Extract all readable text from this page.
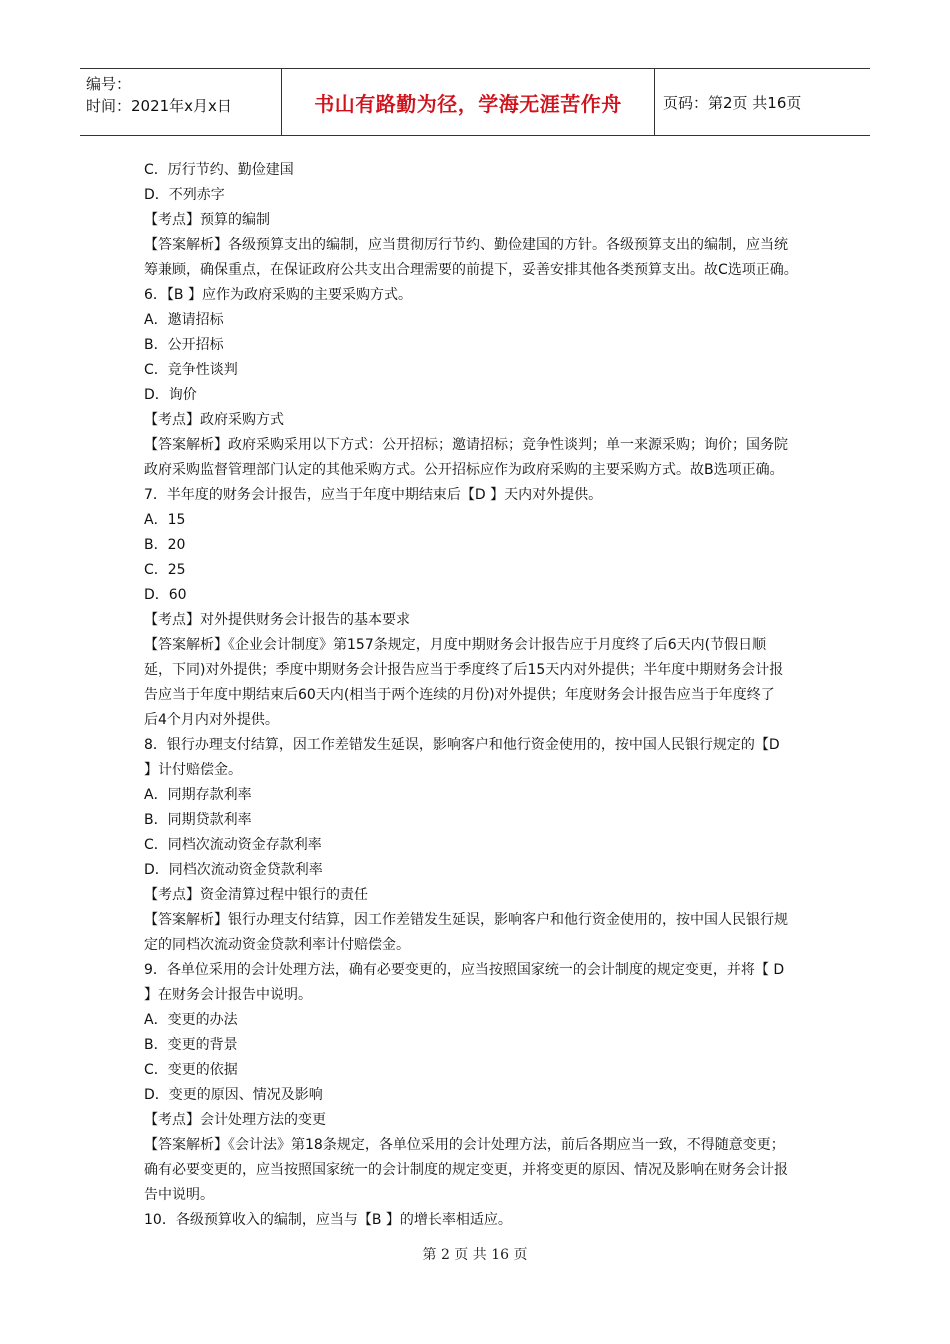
编号：
时间：2021年x月x日	书山有路勤为径，学海无涯苦作舟	页码：第2页 共16页
C．厉行节约、勤俭建国
D．不列赤字
【考点】预算的编制
【答案解析】各级预算支出的编制，应当贯彻厉行节约、勤俭建国的方针。各级预算支出的编制，应当统
筹兼顾，确保重点，在保证政府公共支出合理需要的前提下，妥善安排其他各类预算支出。故C选项正确。
6．【B 】应作为政府采购的主要采购方式。
A．邀请招标
B．公开招标
C．竞争性谈判
D．询价
【考点】政府采购方式
【答案解析】政府采购采用以下方式：公开招标；邀请招标；竞争性谈判；单一来源采购；询价；国务院
政府采购监督管理部门认定的其他采购方式。公开招标应作为政府采购的主要采购方式。故B选项正确。
7．半年度的财务会计报告，应当于年度中期结束后【D 】天内对外提供。
A．15
B．20
C．25
D．60
【考点】对外提供财务会计报告的基本要求
【答案解析】《企业会计制度》第157条规定，月度中期财务会计报告应于月度终了后6天内(节假日顺
延，下同)对外提供；季度中期财务会计报告应当于季度终了后15天内对外提供；半年度中期财务会计报
告应当于年度中期结束后60天内(相当于两个连续的月份)对外提供；年度财务会计报告应当于年度终了
后4个月内对外提供。
8．银行办理支付结算，因工作差错发生延误，影响客户和他行资金使用的，按中国人民银行规定的【D
】计付赔偿金。
A．同期存款利率
B．同期贷款利率
C．同档次流动资金存款利率
D．同档次流动资金贷款利率
【考点】资金清算过程中银行的责任
【答案解析】银行办理支付结算，因工作差错发生延误，影响客户和他行资金使用的，按中国人民银行规
定的同档次流动资金贷款利率计付赔偿金。
9．各单位采用的会计处理方法，确有必要变更的，应当按照国家统一的会计制度的规定变更，并将【 D
】在财务会计报告中说明。
A．变更的办法
B．变更的背景
C．变更的依据
D．变更的原因、情况及影响
【考点】会计处理方法的变更
【答案解析】《会计法》第18条规定，各单位采用的会计处理方法，前后各期应当一致，不得随意变更；
确有必要变更的，应当按照国家统一的会计制度的规定变更，并将变更的原因、情况及影响在财务会计报
告中说明。
10．各级预算收入的编制，应当与【B 】的增长率相适应。
第 2 页 共 16 页
